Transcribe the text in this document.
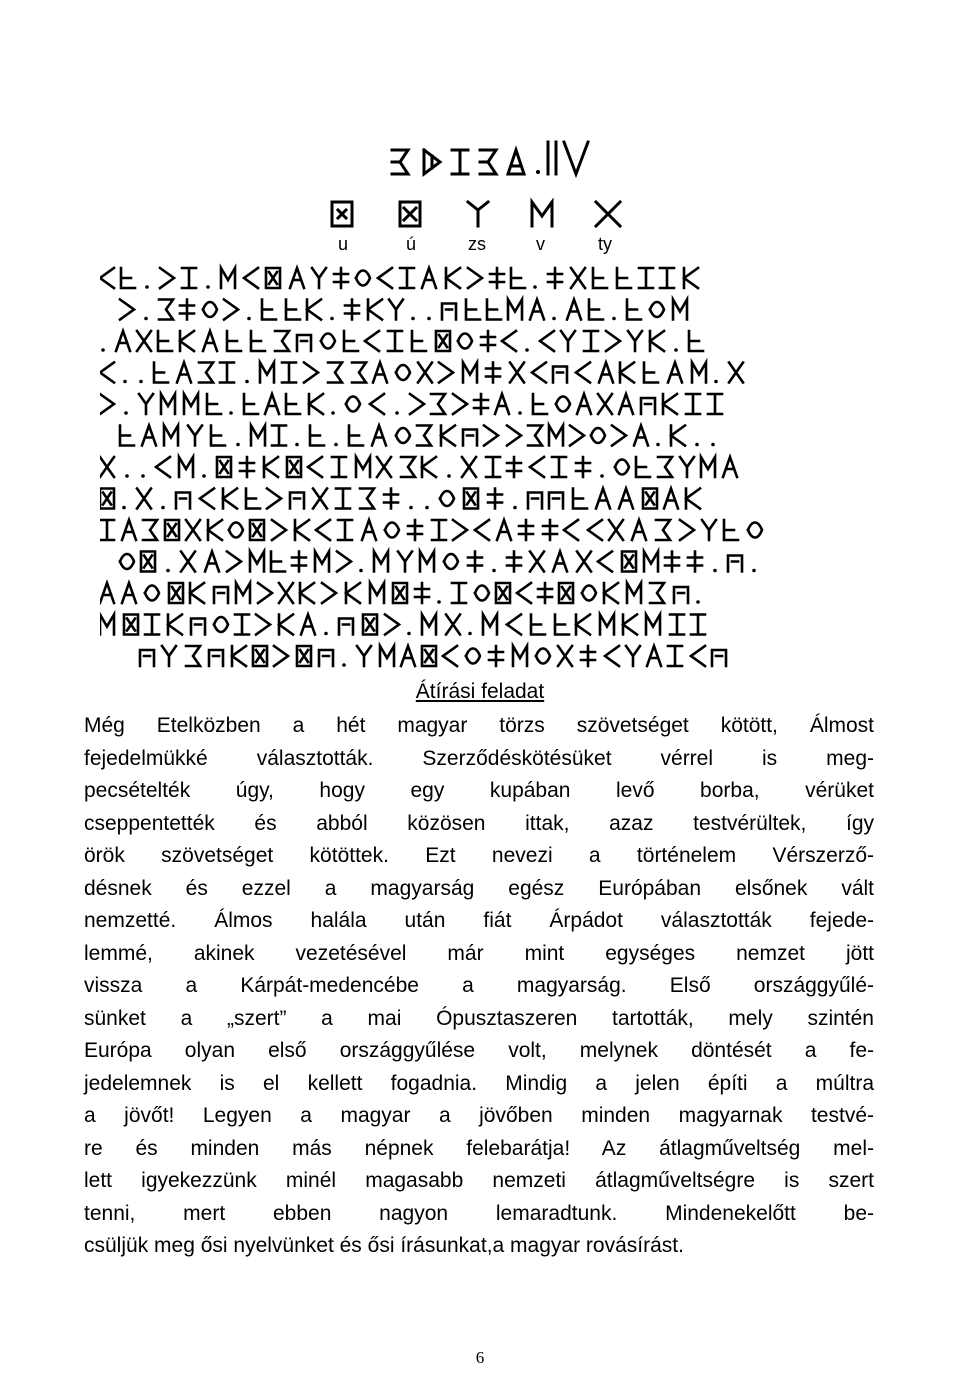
u	ú	zs	v	ty
Átírási feladat
Még Etelközben a hét magyar törzs szövetséget kötött, Álmost
fejedelmükké választották. Szerződéskötésüket vérrel is meg-
pecsételték úgy, hogy egy kupában levő borba, vérüket
cseppentették és abból közösen ittak, azaz testvérültek, így
örök szövetséget kötöttek. Ezt nevezi a történelem Vérszerző-
désnek és ezzel a magyarság egész Európában elsőnek vált
nemzetté. Álmos halála után fiát Árpádot választották fejede-
lemmé, akinek vezetésével már mint egységes nemzet jött
vissza a Kárpát-medencébe a magyarság. Első országgyűlé-
sünket a „szert” a mai Ópusztaszeren tartották, mely szintén
Európa olyan első országgyűlése volt, melynek döntését a fe-
jedelemnek is el kellett fogadnia. Mindig a jelen építi a múltra
a jövőt! Legyen a magyar a jövőben minden magyarnak testvé-
re és minden más népnek felebarátja! Az átlagműveltség mel-
lett igyekezzünk minél magasabb nemzeti átlagműveltségre is szert
tenni, mert ebben nagyon lemaradtunk. Mindenekelőtt be-
csüljük meg ősi nyelvünket és ősi írásunkat,a magyar rovásírást.
6
